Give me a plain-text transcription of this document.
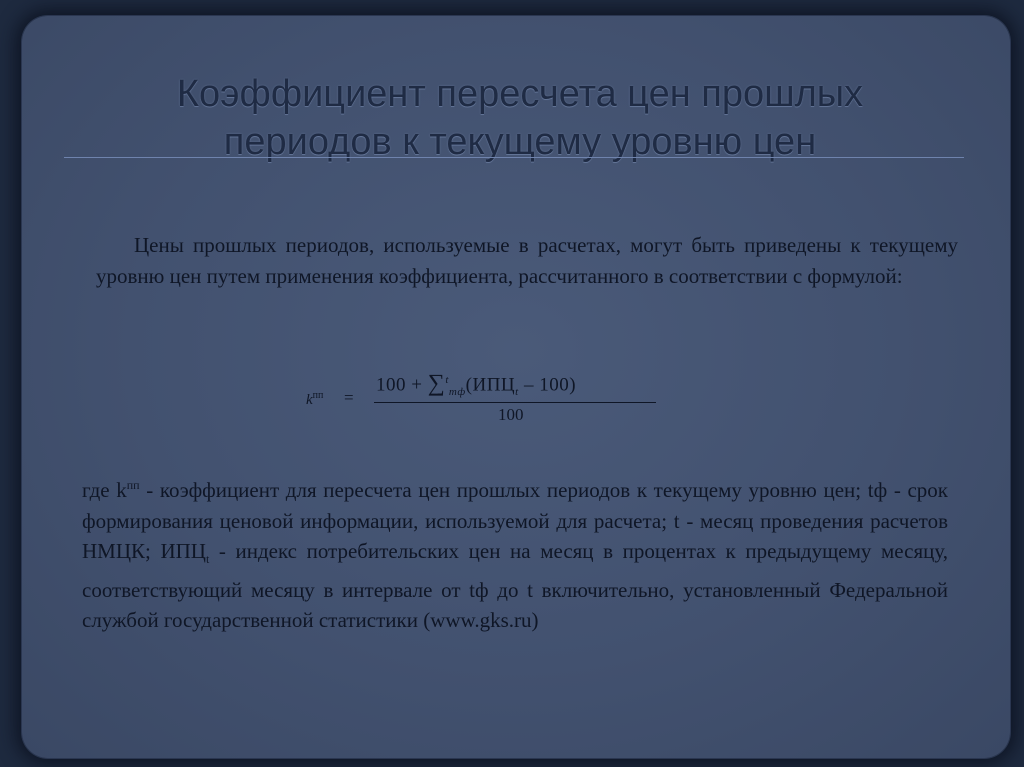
Коэффициент пересчета цен прошлых периодов к текущему уровню цен
Цены прошлых периодов, используемые в расчетах, могут быть приведены к текущему уровню цен путем применения коэффициента, рассчитанного в соответствии с формулой:
$k^{пп}$ =
$100 + \sum^t_{тф}(ИПЦ_t - 100)$
100
где $k^{пп}$ - коэффициент для пересчета цен прошлых периодов к текущему уровню цен; tф - срок формирования ценовой информации, используемой для расчета; t - месяц проведения расчетов НМЦК; $ИПЦ_t$ - индекс потребительских цен на месяц в процентах к предыдущему месяцу, соответствующий месяцу в интервале от tф до t включительно, установленный Федеральной службой государственной статистики (www.gks.ru)
